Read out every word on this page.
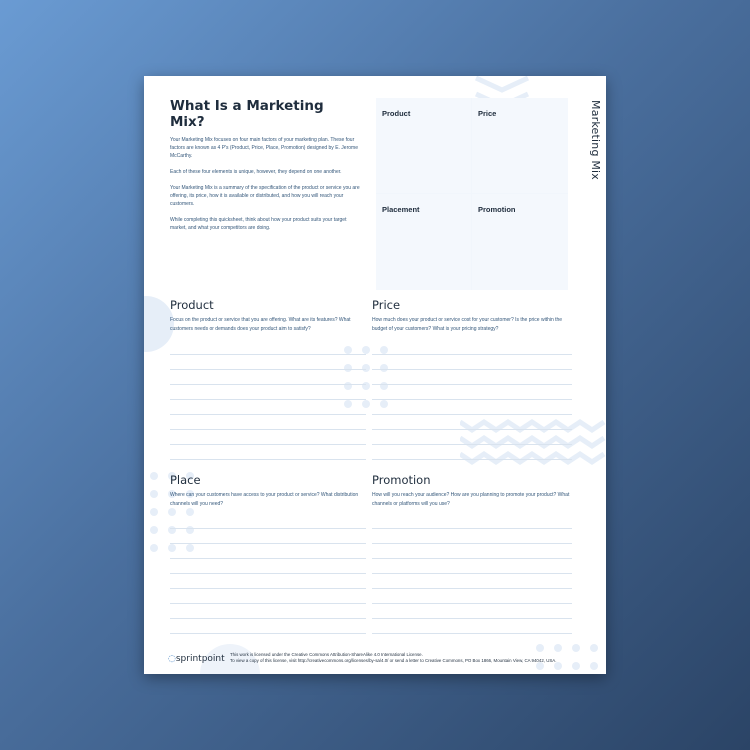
What Is a Marketing Mix?

Your Marketing Mix focuses on four main factors of your marketing plan. These four factors are known as 4 P's (Product, Price, Place, Promotion) designed by E. Jerome McCarthy.

Each of these four elements is unique, however, they depend on one another.

Your Marketing Mix is a summary of the specification of the product or service you are offering, its price, how it is available or distributed, and how you will reach your customers.

While completing this quicksheet, think about how your product suits your target market, and what your competitors are doing.

Product	Price
Placement	Promotion
Marketing Mix
Product

Focus on the product or service that you are offering. What are its features? What customers needs or demands does your product aim to satisfy?

Price

How much does your product or service cost for your customer? Is the price within the budget of your customers? What is your pricing strategy?

Place

Where can your customers have access to your product or service? What distribution channels will you need?

Promotion

How will you reach your audience? How are you planning to promote your product? What channels or platforms will you use?

◌sprintpoint This work is licensed under the Creative Commons Attribution-ShareAlike 4.0 International License.
To view a copy of this license, visit http://creativecommons.org/licenses/by-sa/4.0/ or send a letter to Creative Commons, PO Box 1866, Mountain View, CA 94042, USA.
